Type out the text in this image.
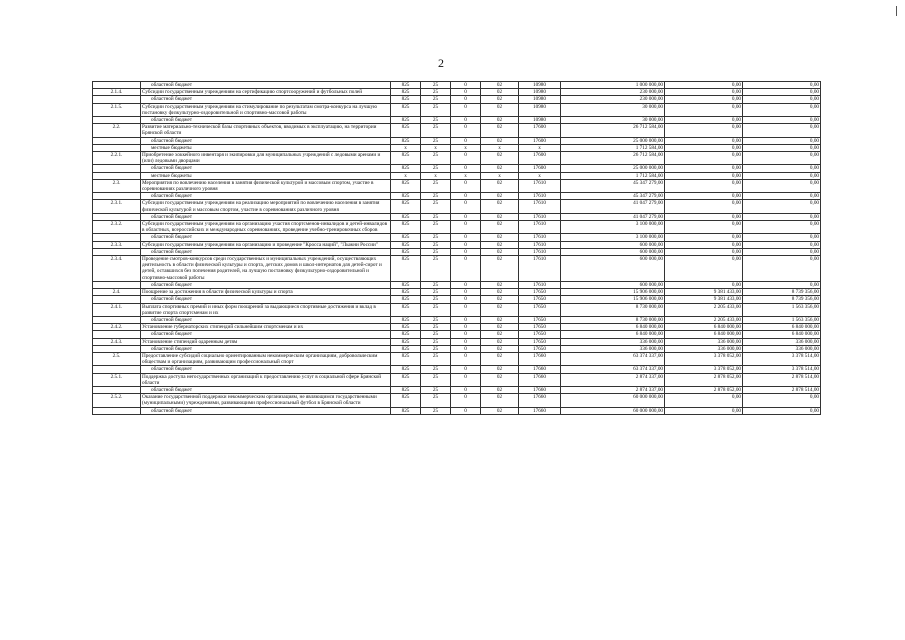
2
	областной бюджет	825	25	0	02	10980	1 000 000,00	0,00	0,00
2.1.4.	Субсидии государственным учреждениям на сертификацию спортсооружений и футбольных полей	825	25	0	02	10980	230 000,00	0,00	0,00
	областной бюджет	825	25	0	02	10980	230 000,00	0,00	0,00
2.1.5.	Субсидии государственным учреждениям на стимулирование по результатам смотра-конкурса на лучшую постановку физкультурно-оздоровительной и спортивно-массовой работы	825	25	0	02	10980	30 000,00	0,00	0,00
	областной бюджет	825	25	0	02	10980	30 000,00	0,00	0,00
2.2.	Развитие материально-технической базы спортивных объектов, вводимых в эксплуатацию, на территории Брянской области	825	25	0	02	17600	26 712 584,00	0,00	0,00
	областной бюджет	825	25	0	02	17600	25 000 000,00	0,00	0,00
	местные бюджеты	x	x	x	x	x	1 712 584,00	0,00	0,00
2.2.1.	Приобретение хоккейного инвентаря и экипировки для муниципальных учреждений с ледовыми аренами и (или) ледовыми дворцами	825	25	0	02	17600	26 712 584,00	0,00	0,00
	областной бюджет	825	25	0	02	17600	25 000 000,00	0,00	0,00
	местные бюджеты	x	x	x	x	x	1 712 584,00	0,00	0,00
2.3.	Мероприятия по вовлечению населения в занятия физической культурой и массовым спортом, участие в соревнованиях различного уровня	825	25	0	02	17610	45 347 279,00	0,00	0,00
	областной бюджет	825	25	0	02	17610	45 347 279,00	0,00	0,00
2.3.1.	Субсидии государственным учреждениям на реализацию мероприятий по вовлечению населения в занятия физической культурой и массовым спортом, участие в соревнованиях различного уровня	825	25	0	02	17610	41 047 279,00	0,00	0,00
	областной бюджет	825	25	0	02	17610	41 047 279,00	0,00	0,00
2.3.2.	Субсидии государственным учреждениям на организацию участия спортсменов-инвалидов и детей-инвалидов в областных, всероссийских и международных соревнованиях, проведение учебно-тренировочных сборов	825	25	0	02	17610	3 100 000,00	0,00	0,00
	областной бюджет	825	25	0	02	17610	3 100 000,00	0,00	0,00
2.3.3.	Субсидии государственным учреждениям на организацию и проведение "Кросса наций", "Лыжни России"	825	25	0	02	17610	600 000,00	0,00	0,00
	областной бюджет	825	25	0	02	17610	600 000,00	0,00	0,00
2.3.4.	Проведение смотров-конкурсов среди государственных и муниципальных учреждений, осуществляющих деятельность в области физической культуры и спорта, детских домов и школ-интернатов для детей-сирот и детей, оставшихся без попечения родителей, на лучшую постановку физкультурно-оздоровительной и спортивно-массовой работы	825	25	0	02	17610	600 000,00	0,00	0,00
	областной бюджет	825	25	0	02	17610	600 000,00	0,00	0,00
2.4.	Поощрение за достижения в области физической культуры и спорта	825	25	0	02	17650	15 906 000,00	9 381 433,00	8 739 356,00
	областной бюджет	825	25	0	02	17650	15 906 000,00	9 381 433,00	8 739 356,00
2.4.1.	Выплата спортивных премий и иных форм поощрений за выдающиеся спортивные достижения и вклад в развитие спорта спортсменам и их	825	25	0	02	17650	8 730 000,00	2 205 433,00	1 563 356,00
	областной бюджет	825	25	0	02	17650	8 730 000,00	2 205 433,00	1 563 356,00
2.4.2.	Установление губернаторских стипендий сильнейшим спортсменам и их	825	25	0	02	17650	6 840 000,00	6 840 000,00	6 840 000,00
	областной бюджет	825	25	0	02	17650	6 840 000,00	6 840 000,00	6 840 000,00
2.4.3.	Установление стипендий одаренным детям	825	25	0	02	17650	336 000,00	336 000,00	336 000,00
	областной бюджет	825	25	0	02	17650	336 000,00	336 000,00	336 000,00
2.5.	Предоставление субсидий социально ориентированным некоммерческим организациям, добровольческим обществам и организациям, развивающим профессиональный спорт	825	25	0	02	17660	63 374 337,00	3 378 052,00	3 378 514,00
	областной бюджет	825	25	0	02	17660	63 374 337,00	3 378 052,00	3 378 514,00
2.5.1.	Поддержка доступа негосударственных организаций к предоставлению услуг в социальной сфере Брянской области	825	25	0	02	17660	2 874 337,00	2 878 052,00	2 878 514,00
	областной бюджет	825	25	0	02	17660	2 874 337,00	2 878 052,00	2 878 514,00
2.5.2.	Оказание государственной поддержки некоммерческим организациям, не являющимся государственными (муниципальными) учреждениями, развивающими профессиональный футбол в Брянской области	825	25	0	02	17660	60 000 000,00	0,00	0,00
	областной бюджет	825	25	0	02	17660	60 000 000,00	0,00	0,00
